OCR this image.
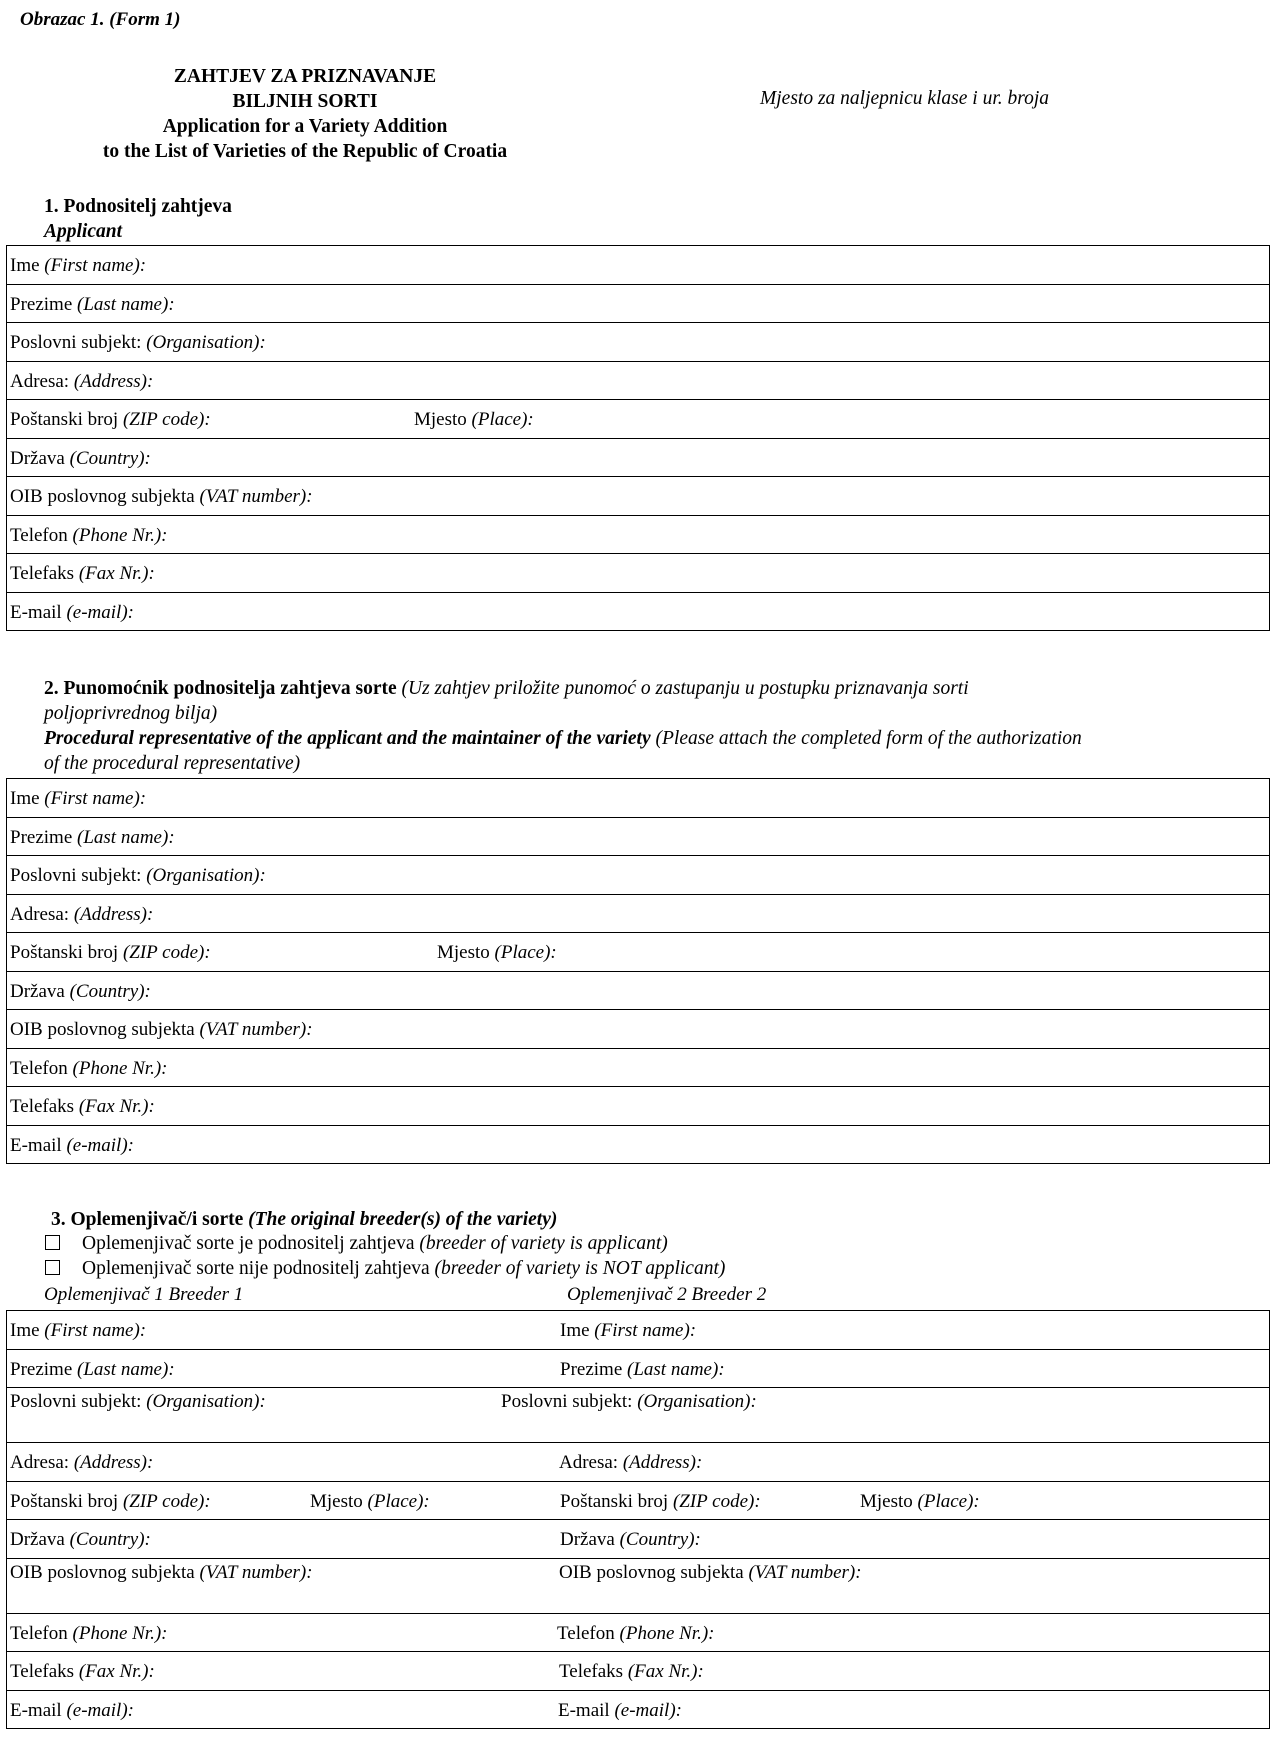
Obrazac 1. (Form 1)
ZAHTJEV ZA PRIZNAVANJE
BILJNIH SORTI
Application for a Variety Addition
to the List of Varieties of the Republic of Croatia
Mjesto za naljepnicu klase i ur. broja
1. Podnositelj zahtjeva
Applicant
Ime (First name):
Prezime (Last name):
Poslovni subjekt: (Organisation):
Adresa: (Address):
Poštanski broj (ZIP code):	Mjesto (Place):
Država (Country):
OIB poslovnog subjekta (VAT number):
Telefon (Phone Nr.):
Telefaks (Fax Nr.):
E-mail (e-mail):
2. Punomoćnik podnositelja zahtjeva sorte (Uz zahtjev priložite punomoć o zastupanju u postupku priznavanja sorti
poljoprivrednog bilja)
Procedural representative of the applicant and the maintainer of the variety (Please attach the completed form of the authorization
of the procedural representative)
Ime (First name):
Prezime (Last name):
Poslovni subjekt: (Organisation):
Adresa: (Address):
Poštanski broj (ZIP code):	Mjesto (Place):
Država (Country):
OIB poslovnog subjekta (VAT number):
Telefon (Phone Nr.):
Telefaks (Fax Nr.):
E-mail (e-mail):
3. Oplemenjivač/i sorte (The original breeder(s) of the variety)
Oplemenjivač sorte je podnositelj zahtjeva (breeder of variety is applicant)
Oplemenjivač sorte nije podnositelj zahtjeva (breeder of variety is NOT applicant)
Oplemenjivač 1 Breeder 1	Oplemenjivač 2 Breeder 2
Ime (First name):	Ime (First name):
Prezime (Last name):	Prezime (Last name):
Poslovni subjekt: (Organisation):	Poslovni subjekt: (Organisation):
Adresa: (Address):	Adresa: (Address):
Poštanski broj (ZIP code):	Mjesto (Place):	Poštanski broj (ZIP code):	Mjesto (Place):
Država (Country):	Država (Country):
OIB poslovnog subjekta (VAT number):	OIB poslovnog subjekta (VAT number):
Telefon (Phone Nr.):	Telefon (Phone Nr.):
Telefaks (Fax Nr.):	Telefaks (Fax Nr.):
E-mail (e-mail):	E-mail (e-mail):
